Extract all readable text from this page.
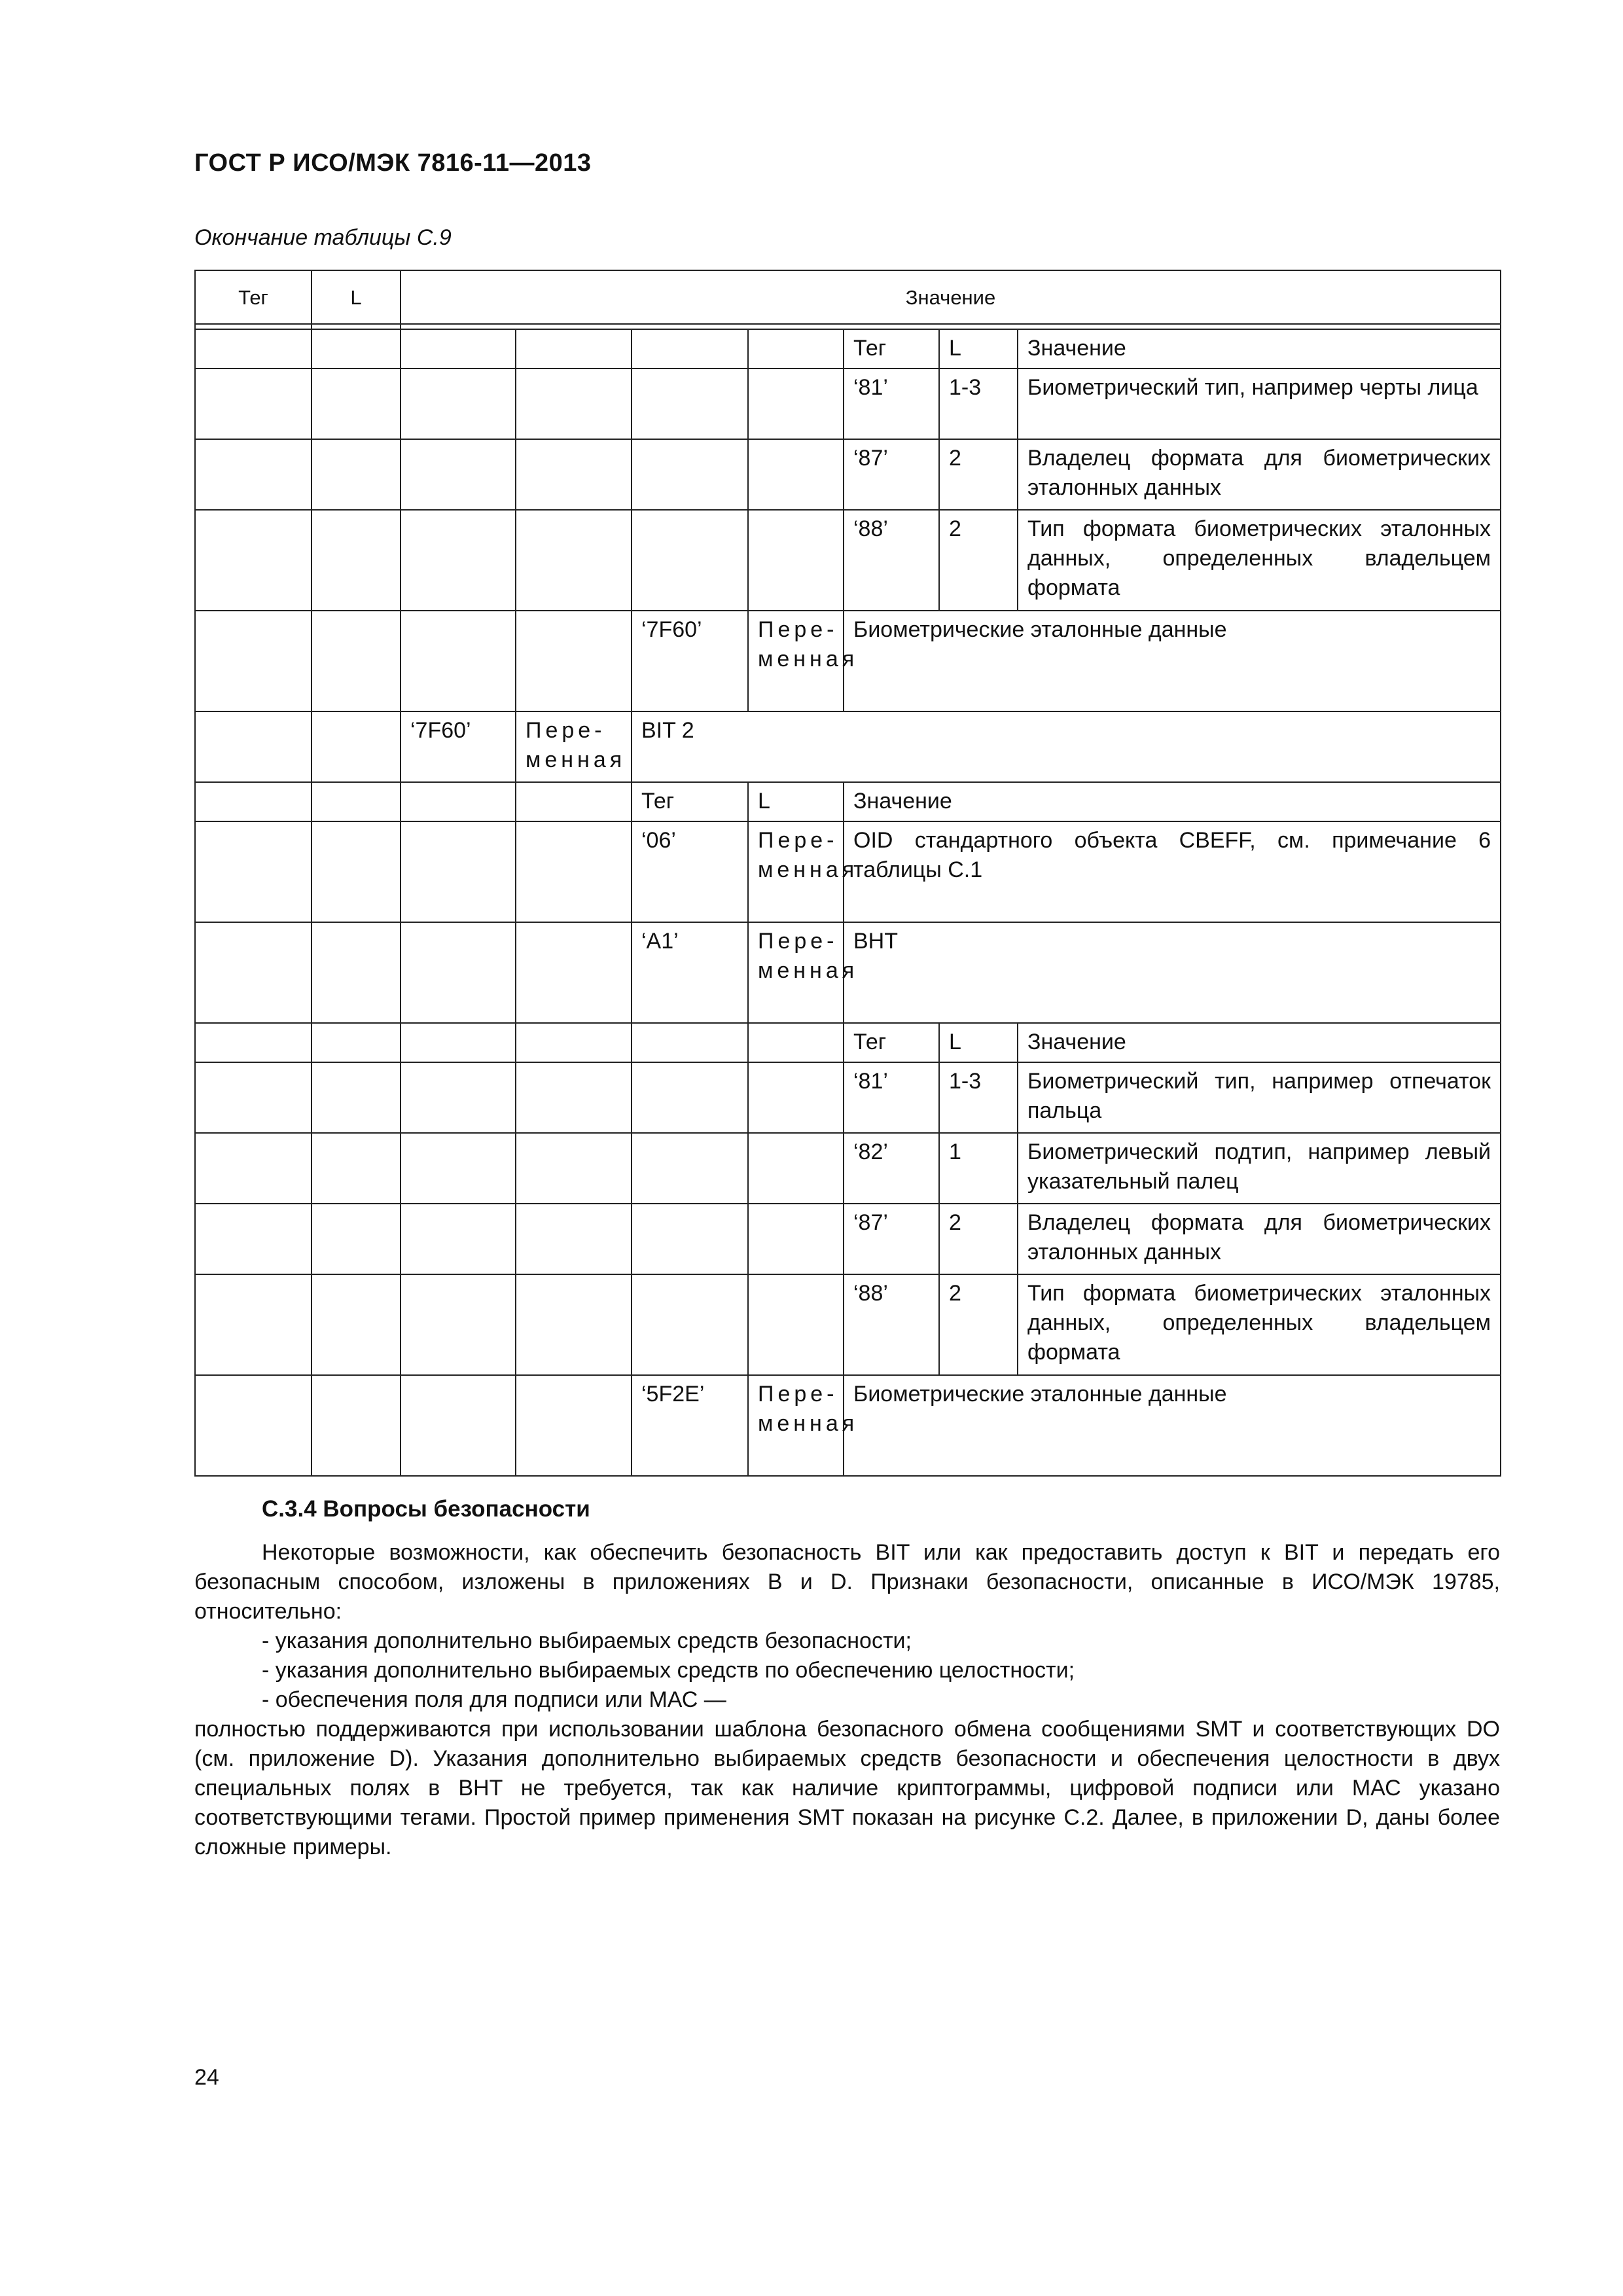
ГОСТ Р ИСО/МЭК 7816-11—2013
Окончание таблицы С.9
Тег	L	Значение						

						Тег	L	Значение
						‘81’	1-3	Биометрический тип, например черты лица
						‘87’	2	Владелец формата для биометрических эталонных данных
						‘88’	2	Тип формата биометрических эталонных данных, определенных владельцем формата
				‘7F60’	Пере-менная	Биометрические эталонные данные		
		‘7F60’	Пере-менная	BIT 2				
				Тег	L	Значение		
				‘06’	Пере-менная	OID стандартного объекта CBEFF, см. примечание 6 таблицы С.1		
				‘A1’	Пере-менная	BHT		
						Тег	L	Значение
						‘81’	1-3	Биометрический тип, например отпечаток пальца
						‘82’	1	Биометрический подтип, например левый указательный палец
						‘87’	2	Владелец формата для биометрических эталонных данных
						‘88’	2	Тип формата биометрических эталонных данных, определенных владельцем формата
				‘5F2E’	Пере-менная	Биометрические эталонные данные		
С.3.4 Вопросы безопасности

Некоторые возможности, как обеспечить безопасность BIT или как предоставить доступ к BIT и передать его безопасным способом, изложены в приложениях В и D. Признаки безопасности, описанные в ИСО/МЭК 19785, относительно:

- указания дополнительно выбираемых средств безопасности;

- указания дополнительно выбираемых средств по обеспечению целостности;

- обеспечения поля для подписи или МАС —

полностью поддерживаются при использовании шаблона безопасного обмена сообщениями SMT и соответствующих DO (см. приложение D). Указания дополнительно выбираемых средств безопасности и обеспечения целостности в двух специальных полях в BHT не требуется, так как наличие криптограммы, цифровой подписи или МАС указано соответствующими тегами. Простой пример применения SMT показан на рисунке С.2. Далее, в приложении D, даны более сложные примеры.

24
